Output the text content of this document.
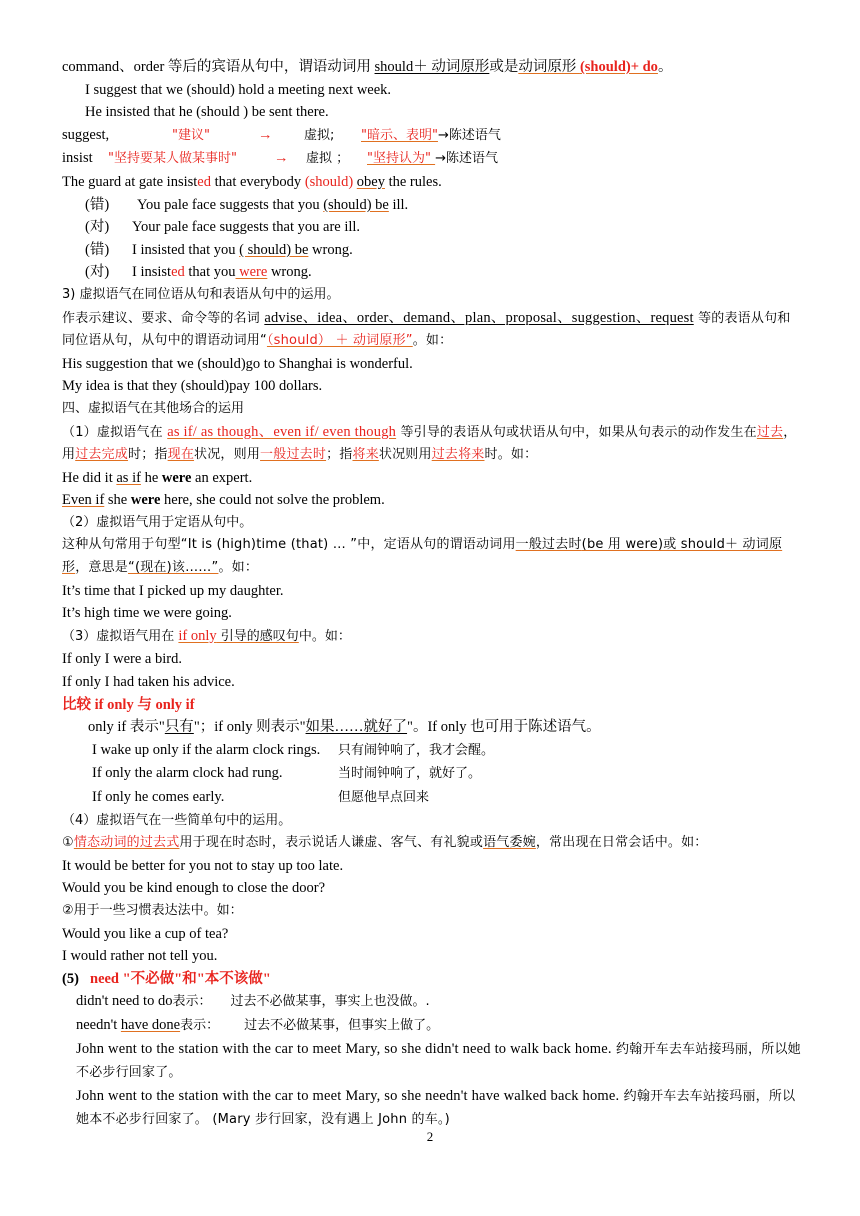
command、order 等后的宾语从句中，谓语动词用 should＋ 动词原形或是动词原形 (should)+ do。
I suggest that we (should) hold a meeting next week.
He insisted that he (should ) be sent there.
suggest,	"建议"	→ 虚拟; "暗示、表明"→陈述语气
insist "坚持要某人做某事时"	→ 虚拟 ； "坚持认为" →陈述语气
The guard at gate insisted that everybody (should) obey the rules.
(错) You pale face suggests that you (should) be ill.
(对) Your pale face suggests that you are ill.
(错) I insisted that you ( should) be wrong.
(对) I insisted that you were wrong.
3) 虚拟语气在同位语从句和表语从句中的运用。
作表示建议、要求、命令等的名词 advise、idea、order、demand、plan、proposal、suggestion、request 等的表语从句和同位语从句，从句中的谓语动词用“（should） ＋ 动词原形”。如：
His suggestion that we (should)go to Shanghai is wonderful.
My idea is that they (should)pay 100 dollars.
四、虚拟语气在其他场合的运用
（1）虚拟语气在 as if/ as though、even if/ even though 等引导的表语从句或状语从句中，如果从句表示的动作发生在过去，用过去完成时；指现在状况，则用一般过去时；指将来状况则用过去将来时。如：
He did it as if he were an expert.
Even if she were here, she could not solve the problem.
（2）虚拟语气用于定语从句中。
这种从句常用于句型“It is (high)time (that) … ”中，定语从句的谓语动词用一般过去时(be 用 were)或 should＋ 动词原形，意思是“(现在)该……”。如：
It’s time that I picked up my daughter.
It’s high time we were going.
（3）虚拟语气用在 if only 引导的感叹句中。如：
If only I were a bird.
If only I had taken his advice.
比较 if only 与 only if
only if 表示"只有"；if only 则表示"如果……就好了"。If only 也可用于陈述语气。
I wake up only if the alarm clock rings. 只有闹钟响了，我才会醒。
If only the alarm clock had rung.	当时闹钟响了，就好了。
If only he comes early.	但愿他早点回来
（4）虚拟语气在一些简单句中的运用。
①情态动词的过去式用于现在时态时，表示说话人谦虚、客气、有礼貌或语气委婉，常出现在日常会话中。如：
It would be better for you not to stay up too late.
Would you be kind enough to close the door?
②用于一些习惯表达法中。如：
Would you like a cup of tea?
I would rather not tell you.
(5) need "不必做"和"本不该做"
didn't need to do表示： 过去不必做某事，事实上也没做。.
needn't have done表示： 过去不必做某事，但事实上做了。
John went to the station with the car to meet Mary, so she didn't need to walk back home. 约翰开车去车站接玛丽，所以她不必步行回家了。
John went to the station with the car to meet Mary, so she needn't have walked back home. 约翰开车去车站接玛丽，所以她本不必步行回家了。 (Mary 步行回家，没有遇上 John 的车。)
2
